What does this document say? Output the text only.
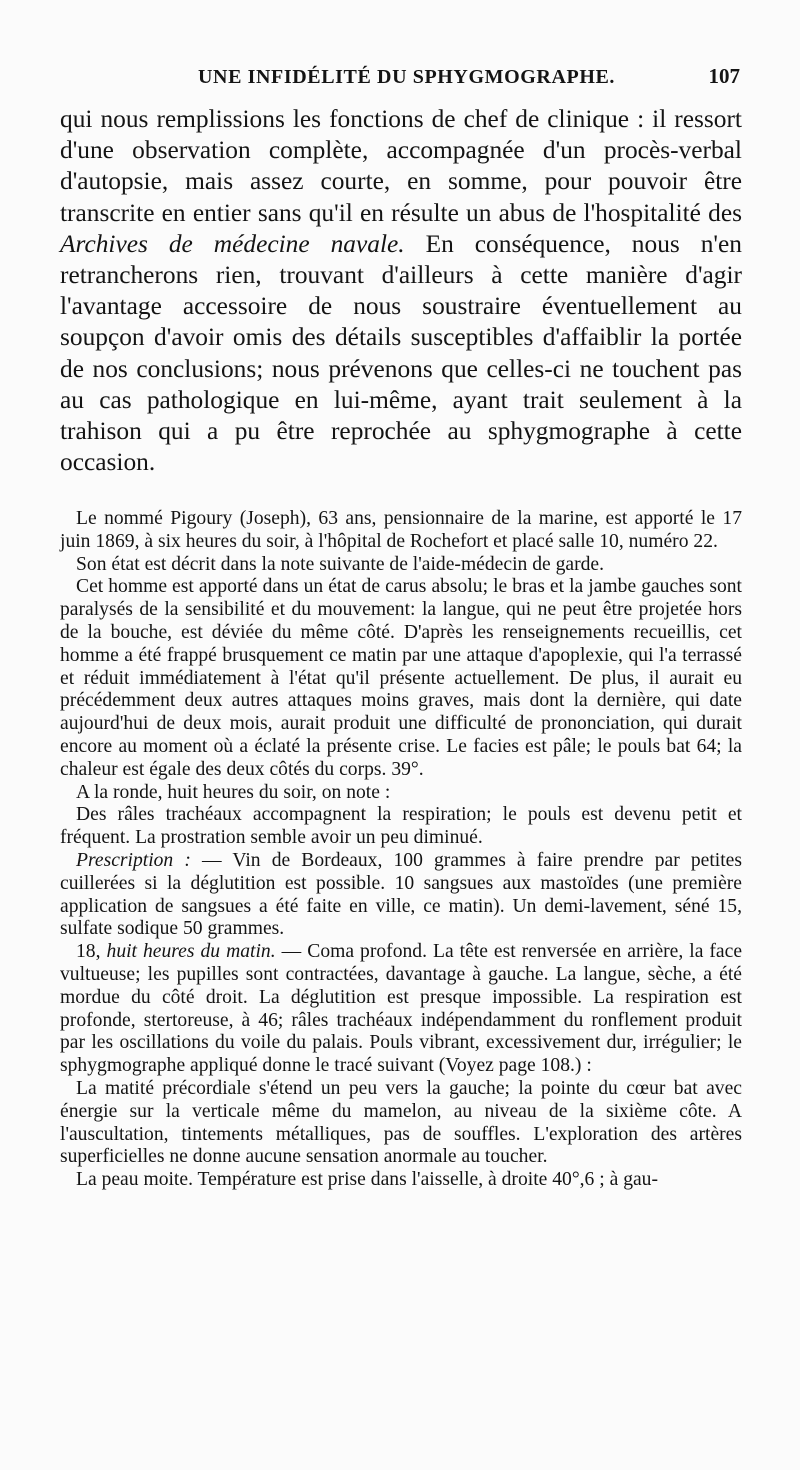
UNE INFIDÉLITÉ DU SPHYGMOGRAPHE.	107

qui nous remplissions les fonctions de chef de clinique : il ressort d'une observation complète, accompagnée d'un procès-verbal d'autopsie, mais assez courte, en somme, pour pouvoir être transcrite en entier sans qu'il en résulte un abus de l'hospitalité des Archives de médecine navale. En conséquence, nous n'en retrancherons rien, trouvant d'ailleurs à cette manière d'agir l'avantage accessoire de nous soustraire éventuellement au soupçon d'avoir omis des détails susceptibles d'affaiblir la portée de nos conclusions; nous prévenons que celles-ci ne touchent pas au cas pathologique en lui-même, ayant trait seulement à la trahison qui a pu être reprochée au sphygmographe à cette occasion.

Le nommé Pigoury (Joseph), 63 ans, pensionnaire de la marine, est apporté le 17 juin 1869, à six heures du soir, à l'hôpital de Rochefort et placé salle 10, numéro 22.

Son état est décrit dans la note suivante de l'aide-médecin de garde.

Cet homme est apporté dans un état de carus absolu; le bras et la jambe gauches sont paralysés de la sensibilité et du mouvement: la langue, qui ne peut être projetée hors de la bouche, est déviée du même côté. D'après les renseignements recueillis, cet homme a été frappé brusquement ce matin par une attaque d'apoplexie, qui l'a terrassé et réduit immédiatement à l'état qu'il présente actuellement. De plus, il aurait eu précédemment deux autres attaques moins graves, mais dont la dernière, qui date aujourd'hui de deux mois, aurait produit une difficulté de prononciation, qui durait encore au moment où a éclaté la présente crise. Le facies est pâle; le pouls bat 64; la chaleur est égale des deux côtés du corps. 39°.

A la ronde, huit heures du soir, on note :

Des râles trachéaux accompagnent la respiration; le pouls est devenu petit et fréquent. La prostration semble avoir un peu diminué.

Prescription : — Vin de Bordeaux, 100 grammes à faire prendre par petites cuillerées si la déglutition est possible. 10 sangsues aux mastoïdes (une première application de sangsues a été faite en ville, ce matin). Un demi-lavement, séné 15, sulfate sodique 50 grammes.

18, huit heures du matin. — Coma profond. La tête est renversée en arrière, la face vultueuse; les pupilles sont contractées, davantage à gauche. La langue, sèche, a été mordue du côté droit. La déglutition est presque impossible. La respiration est profonde, stertoreuse, à 46; râles trachéaux indépendamment du ronflement produit par les oscillations du voile du palais. Pouls vibrant, excessivement dur, irrégulier; le sphygmographe appliqué donne le tracé suivant (Voyez page 108.) :

La matité précordiale s'étend un peu vers la gauche; la pointe du cœur bat avec énergie sur la verticale même du mamelon, au niveau de la sixième côte. A l'auscultation, tintements métalliques, pas de souffles. L'exploration des artères superficielles ne donne aucune sensation anormale au toucher.

La peau moite. Température est prise dans l'aisselle, à droite 40°,6 ; à gau-
